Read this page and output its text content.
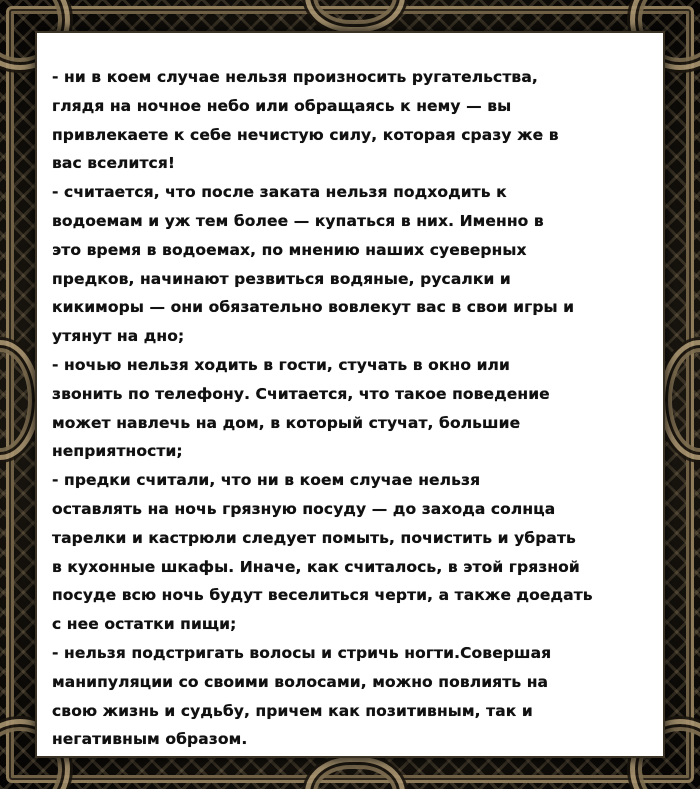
- ни в коем случае нельзя произносить ругательства,
глядя на ночное небо или обращаясь к нему — вы
привлекаете к себе нечистую силу, которая сразу же в
вас вселится!

- считается, что после заката нельзя подходить к
водоемам и уж тем более — купаться в них. Именно в
это время в водоемах, по мнению наших суеверных
предков, начинают резвиться водяные, русалки и
кикиморы — они обязательно вовлекут вас в свои игры и
утянут на дно;

- ночью нельзя ходить в гости, стучать в окно или
звонить по телефону. Считается, что такое поведение
может навлечь на дом, в который стучат, большие
неприятности;

- предки считали, что ни в коем случае нельзя
оставлять на ночь грязную посуду — до захода солнца
тарелки и кастрюли следует помыть, почистить и убрать
в кухонные шкафы. Иначе, как считалось, в этой грязной
посуде всю ночь будут веселиться черти, а также доедать
с нее остатки пищи;

- нельзя подстригать волосы и стричь ногти.Совершая
манипуляции со своими волосами, можно повлиять на
свою жизнь и судьбу, причем как позитивным, так и
негативным образом.
